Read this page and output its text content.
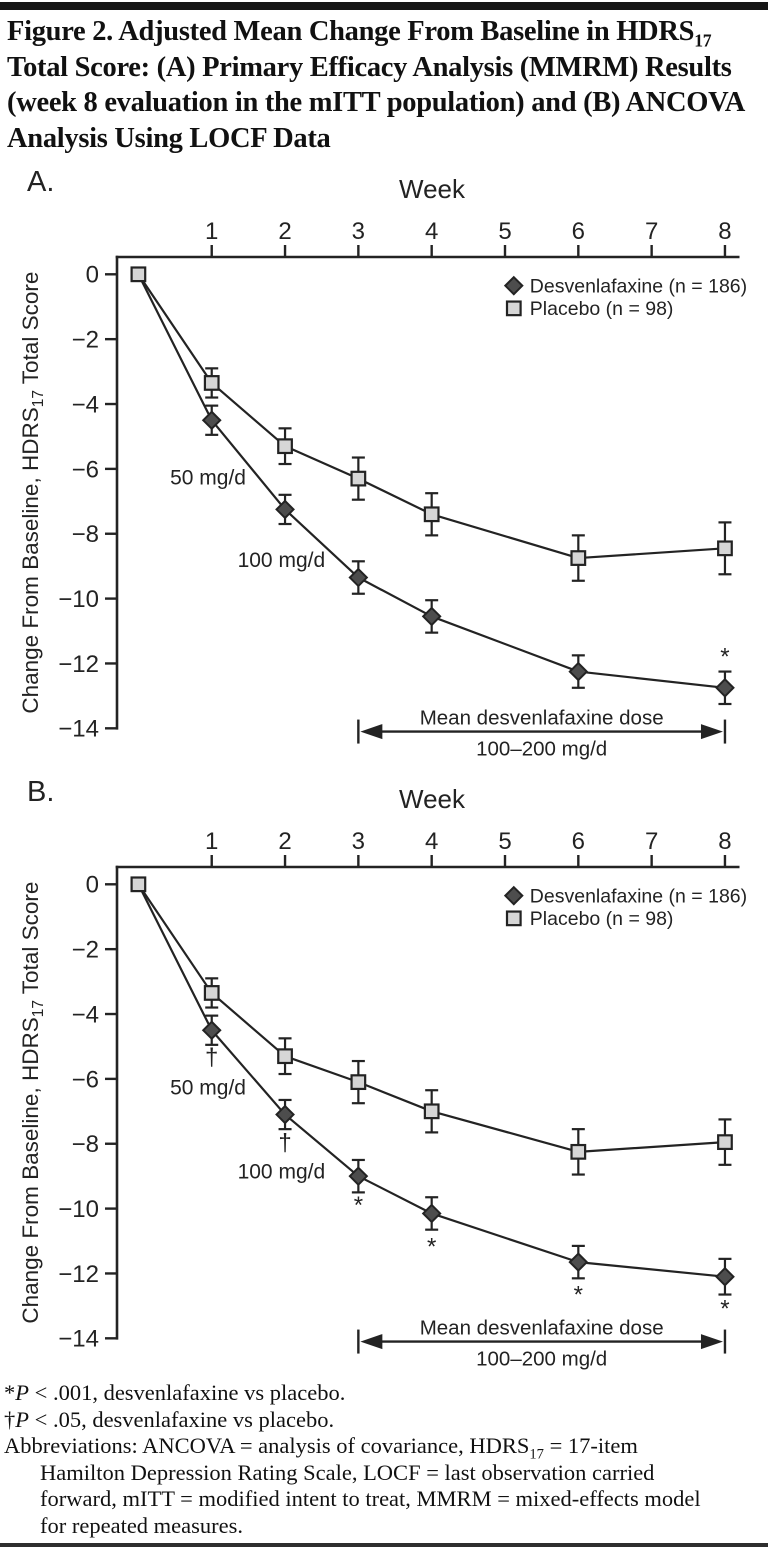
Figure 2. Adjusted Mean Change From Baseline in $HDRS_{17}$
Total Score: (A) Primary Efficacy Analysis (MMRM) Results
(week 8 evaluation in the mITT population) and (B) ANCOVA
Analysis Using LOCF Data
A.	Week
1 2 3 4 5 6 7 8
0
−2
−4
−6
−8
−10
−12
−14
Change From Baseline, $HDRS_{17}$ Total Score	Desvenlafaxine (n = 186)
Placebo (n = 98)
50 mg/d
100 mg/d
*
Mean desvenlafaxine dose
100–200 mg/d
B.	Week
1 2 3 4 5 6 7 8
0
−2
−4
−6
−8
−10
−12
−14
Change From Baseline, $HDRS_{17}$ Total Score	Desvenlafaxine (n = 186)
Placebo (n = 98)
50 mg/d
100 mg/d
†
†
*
*
*
*
Mean desvenlafaxine dose
100–200 mg/d

*P < .001, desvenlafaxine vs placebo.

†P < .05, desvenlafaxine vs placebo.

Abbreviations: ANCOVA = analysis of covariance, $HDRS_{17}$ = 17-item Hamilton Depression Rating Scale, LOCF = last observation carried forward, mITT = modified intent to treat, MMRM = mixed-effects model for repeated measures.
